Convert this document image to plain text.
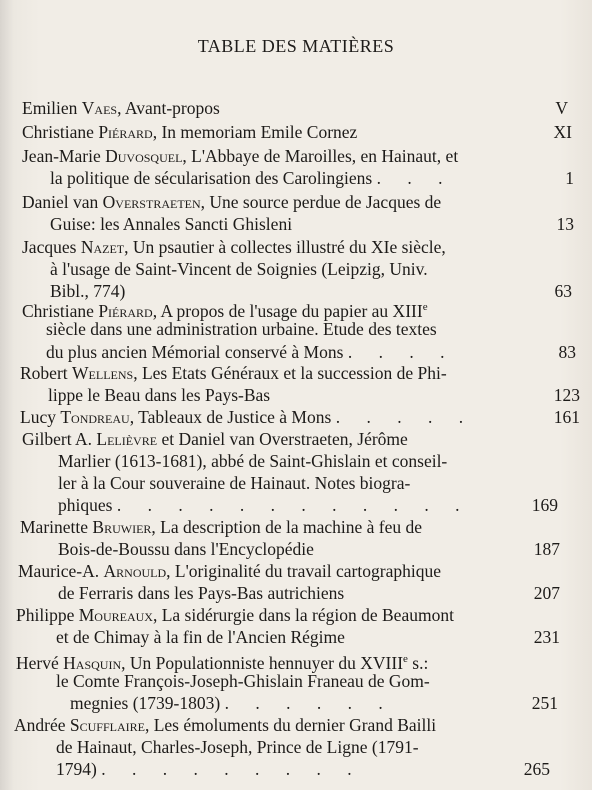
TABLE DES MATIÈRES
Emilien Vaes, Avant-propos	V
Christiane Piérard, In memoriam Emile Cornez	XI
Jean-Marie Duvosquel, L'Abbaye de Maroilles, en Hainaut, et
la politique de sécularisation des Carolingiens . . .	1
Daniel van Overstraeten, Une source perdue de Jacques de
Guise: les Annales Sancti Ghisleni	13
Jacques Nazet, Un psautier à collectes illustré du XIe siècle,
à l'usage de Saint-Vincent de Soignies (Leipzig, Univ.
Bibl., 774)	63
Christiane Piérard, A propos de l'usage du papier au XIIIe
siècle dans une administration urbaine. Etude des textes
du plus ancien Mémorial conservé à Mons . . . .	83
Robert Wellens, Les Etats Généraux et la succession de Phi-
lippe le Beau dans les Pays-Bas	123
Lucy Tondreau, Tableaux de Justice à Mons . . . . .	161
Gilbert A. Lelièvre et Daniel van Overstraeten, Jérôme
Marlier (1613-1681), abbé de Saint-Ghislain et conseil-
ler à la Cour souveraine de Hainaut. Notes biogra-
phiques . . . . . . . . . . . .	169
Marinette Bruwier, La description de la machine à feu de
Bois-de-Boussu dans l'Encyclopédie	187
Maurice-A. Arnould, L'originalité du travail cartographique
de Ferraris dans les Pays-Bas autrichiens	207
Philippe Moureaux, La sidérurgie dans la région de Beaumont
et de Chimay à la fin de l'Ancien Régime	231
Hervé Hasquin, Un Populationniste hennuyer du XVIIIe s.:
le Comte François-Joseph-Ghislain Franeau de Gom-
megnies (1739-1803) . . . . . .	251
Andrée Scufflaire, Les émoluments du dernier Grand Bailli
de Hainaut, Charles-Joseph, Prince de Ligne (1791-
1794) . . . . . . . . .	265
